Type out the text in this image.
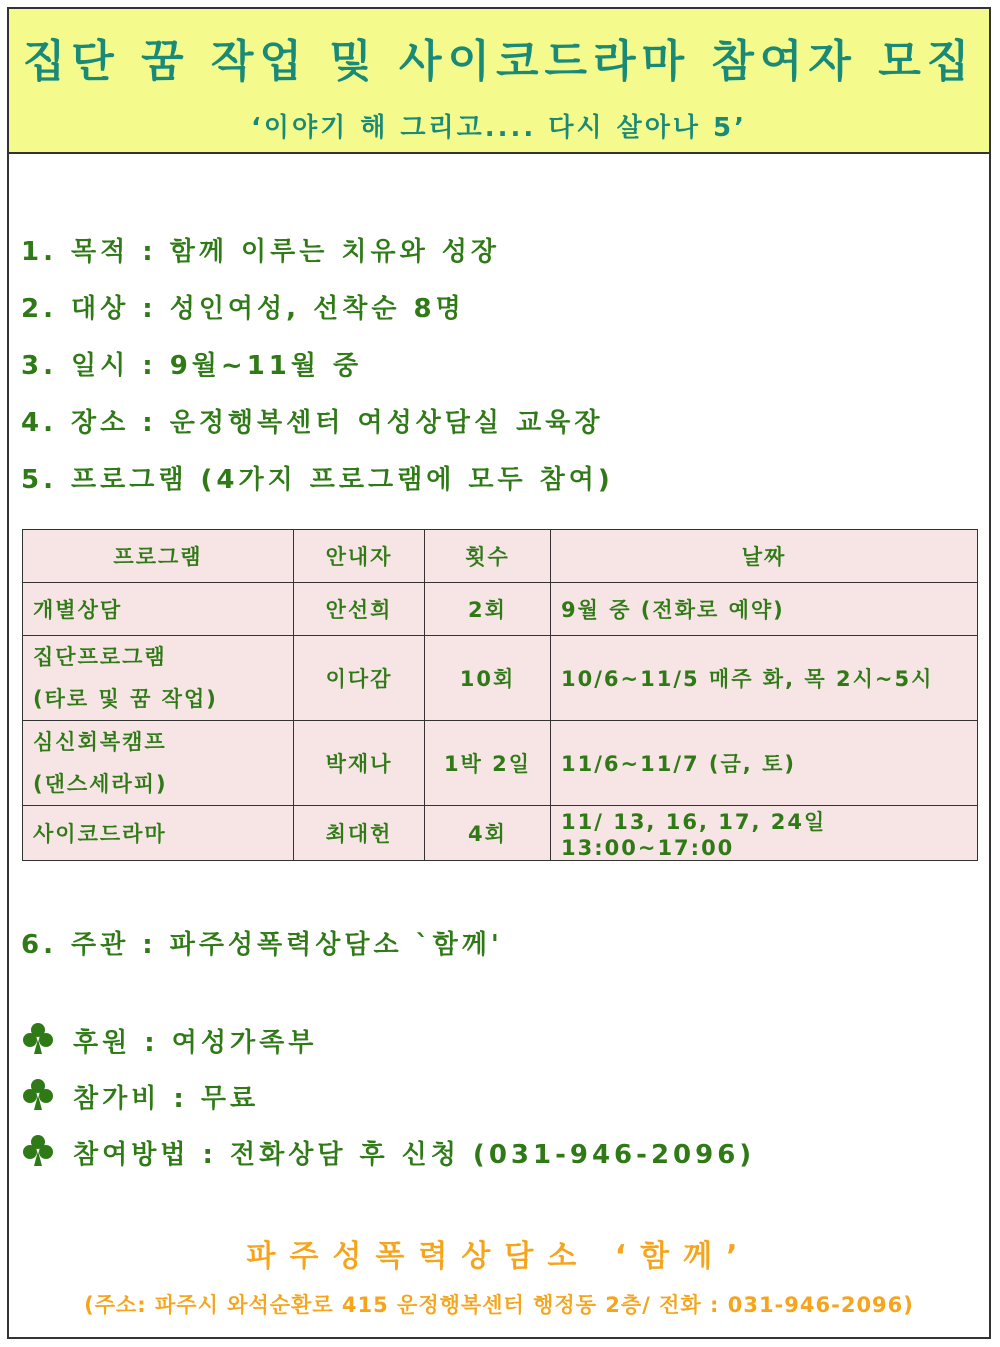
집단 꿈 작업 및 사이코드라마 참여자 모집
‘이야기 해 그리고.... 다시 살아나 5’
1. 목적 : 함께 이루는 치유와 성장
2. 대상 : 성인여성, 선착순 8명
3. 일시 : 9월~11월 중
4. 장소 : 운정행복센터 여성상담실 교육장
5. 프로그램 (4가지 프로그램에 모두 참여)
프로그램	안내자	횟수	날짜
개별상담	안선희	2회	9월 중 (전화로 예약)

집단프로그램
(타로 및 꿈 작업)	이다감	10회	10/6~11/5 매주 화, 목 2시~5시

심신회복캠프
(댄스세라피)	박재나	1박 2일	11/6~11/7 (금, 토)
사이코드라마	최대헌	4회	11/ 13, 16, 17, 24일 13:00~17:00
6. 주관 : 파주성폭력상담소 `함께'
후원 : 여성가족부
참가비 : 무료
참여방법 : 전화상담 후 신청 (031-946-2096)
파주성폭력상담소 ‘함께’
(주소: 파주시 와석순환로 415 운정행복센터 행정동 2층/ 전화 : 031-946-2096)
